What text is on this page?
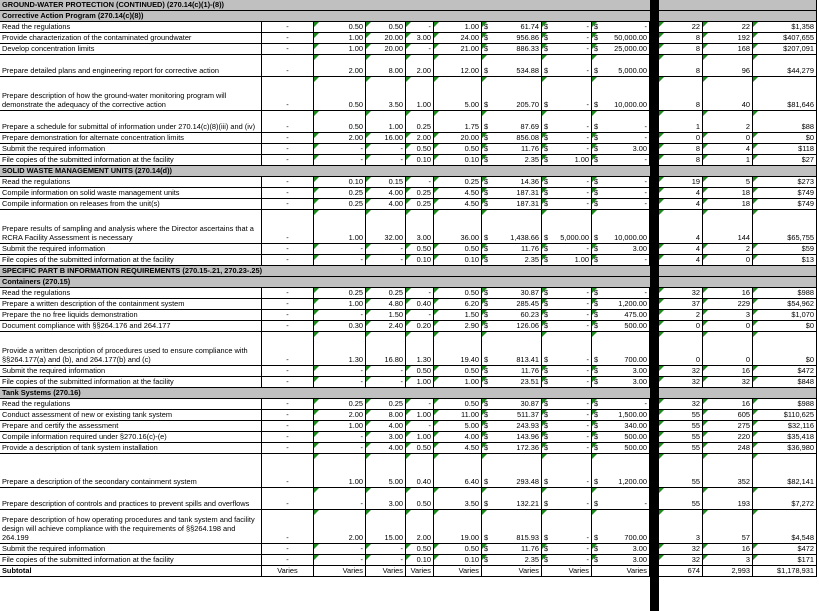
GROUND-WATER PROTECTION (CONTINUED) (270.14(c)(1)-(8))
Corrective Action Program (270.14(c)(8))
Read the regulations	-	0.50	0.50	-	1.00 $	61.74 $	- $	-	22	22	$1,358
Provide characterization of the contaminated groundwater	-	1.00	20.00	3.00	24.00 $	956.86 $	- $ 50,000.00	8	192	$407,655
Develop concentration limits	-	1.00	20.00	-	21.00 $	886.33 $	- $ 25,000.00	8	168	$207,091
Prepare detailed plans and engineering report for corrective action	-	2.00	8.00	2.00	12.00 $	534.88 $	- $	5,000.00	8	96	$44,279
Prepare description of how the ground-water monitoring program will demonstrate the adequacy of the corrective action	-	0.50	3.50	1.00	5.00 $	205.70 $	- $ 10,000.00	8	40	$81,646
Prepare a schedule for submittal of information under 270.14(c)(8)(iii) and (iv)	-	0.50	1.00	0.25	1.75 $	87.69 $	- $	-	1	2	$88
Prepare demonstration for alternate concentration limits	-	2.00	16.00	2.00	20.00 $	856.08 $	- $	-	0	0	$0
Submit the required information	-	-	-	0.50	0.50 $	11.76 $	- $	3.00	8	4	$118
File copies of the submitted information at the facility	-	-	-	0.10	0.10 $	2.35 $	1.00 $	-	8	1	$27
SOLID WASTE MANAGEMENT UNITS (270.14(d))
Read the regulations	-	0.10	0.15	-	0.25 $	14.36 $	- $	-	19	5	$273
Compile information on solid waste management units	-	0.25	4.00	0.25	4.50 $	187.31 $	- $	-	4	18	$749
Compile information on releases from the unit(s)	-	0.25	4.00	0.25	4.50 $	187.31 $	- $	-	4	18	$749
Prepare results of sampling and analysis where the Director ascertains that a RCRA Facility Assessment is necessary	-	1.00	32.00	3.00	36.00 $	1,438.66 $ 5,000.00 $ 10,000.00	4	144	$65,755
Submit the required information	-	-	-	0.50	0.50 $	11.76 $	- $	3.00	4	2	$59
File copies of the submitted information at the facility	-	-	-	0.10	0.10 $	2.35 $	1.00 $	-	4	0	$13
SPECIFIC PART B INFORMATION REQUIREMENTS (270.15-.21, 270.23-.25)
Containers (270.15)
Read the regulations	-	0.25	0.25	-	0.50 $	30.87 $	- $	-	32	16	$988
Prepare a written description of the containment system	-	1.00	4.80	0.40	6.20 $	285.45 $	- $	1,200.00	37	229	$54,962
Prepare the no free liquids demonstration	-	-	1.50	-	1.50 $	60.23 $	- $	475.00	2	3	$1,070
Document compliance with §§264.176 and 264.177	-	0.30	2.40	0.20	2.90 $	126.06 $	- $	500.00	0	0	$0
Provide a written description of procedures used to ensure compliance with §§264.177(a) and (b), and 264.177(b) and (c)	-	1.30	16.80	1.30	19.40 $	813.41 $	- $	700.00	0	0	$0
Submit the required information	-	-	-	0.50	0.50 $	11.76 $	- $	3.00	32	16	$472
File copies of the submitted information at the facility	-	-	-	1.00	1.00 $	23.51 $	- $	3.00	32	32	$848
Tank Systems (270.16)
Read the regulations	-	0.25	0.25	-	0.50 $	30.87 $	- $	-	32	16	$988
Conduct assessment of new or existing tank system	-	2.00	8.00	1.00	11.00 $	511.37 $	- $	1,500.00	55	605	$110,625
Prepare and certify the assessment	-	1.00	4.00	-	5.00 $	243.93 $	- $	340.00	55	275	$32,116
Compile information required under §270.16(c)-(e)	-	-	3.00	1.00	4.00 $	143.96 $	- $	500.00	55	220	$35,418
Provide a description of tank system installation	-	-	4.00	0.50	4.50 $	172.36 $	- $	500.00	55	248	$36,980
Prepare a description of the secondary containment system	-	1.00	5.00	0.40	6.40 $	293.48 $	- $	1,200.00	55	352	$82,141
Prepare description of controls and practices to prevent spills and overflows	-	-	3.00	0.50	3.50 $	132.21 $	- $	-	55	193	$7,272
Prepare description of how operating procedures and tank system and facility design will achieve compliance with the requirements of §§264.198 and 264.199	-	2.00	15.00	2.00	19.00 $	815.93 $	- $	700.00	3	57	$4,548
Submit the required information	-	-	-	0.50	0.50 $	11.76 $	- $	3.00	32	16	$472
File copies of the submitted information at the facility	-	-	-	0.10	0.10 $	2.35 $	- $	3.00	32	3	$171
Subtotal	Varies	Varies	Varies	Varies	Varies	Varies	Varies	Varies	674	2,993	$1,178,931
